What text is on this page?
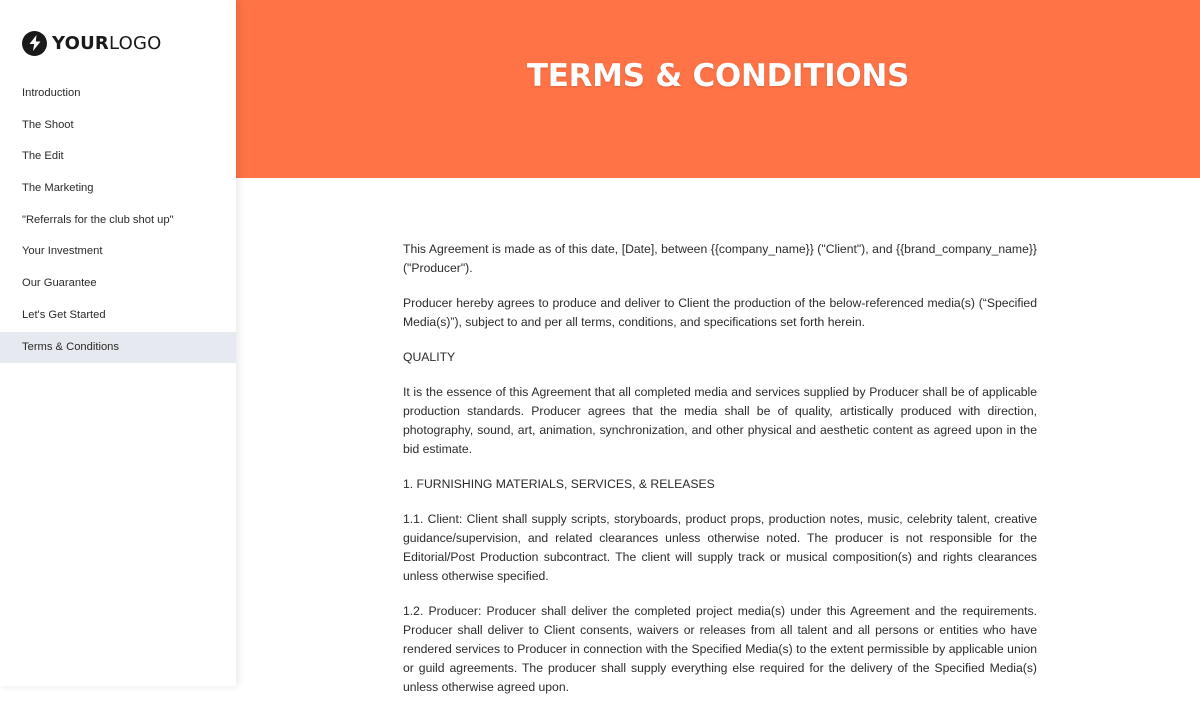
YOURLOGO
Introduction
The Shoot
The Edit
The Marketing
"Referrals for the club shot up"
Your Investment
Our Guarantee
Let's Get Started
Terms & Conditions
TERMS & CONDITIONS

This Agreement is made as of this date, [Date], between {{company_name}} ("Client"), and {{brand_company_name}} ("Producer").

Producer hereby agrees to produce and deliver to Client the production of the below-referenced media(s) (“Specified Media(s)”), subject to and per all terms, conditions, and specifications set forth herein.

QUALITY

It is the essence of this Agreement that all completed media and services supplied by Producer shall be of applicable production standards. Producer agrees that the media shall be of quality, artistically produced with direction, photography, sound, art, animation, synchronization, and other physical and aesthetic content as agreed upon in the bid estimate.

1. FURNISHING MATERIALS, SERVICES, & RELEASES

1.1. Client: Client shall supply scripts, storyboards, product props, production notes, music, celebrity talent, creative guidance/supervision, and related clearances unless otherwise noted. The producer is not responsible for the Editorial/Post Production subcontract. The client will supply track or musical composition(s) and rights clearances unless otherwise specified.

1.2. Producer: Producer shall deliver the completed project media(s) under this Agreement and the requirements. Producer shall deliver to Client consents, waivers or releases from all talent and all persons or entities who have rendered services to Producer in connection with the Specified Media(s) to the extent permissible by applicable union or guild agreements. The producer shall supply everything else required for the delivery of the Specified Media(s) unless otherwise agreed upon.
